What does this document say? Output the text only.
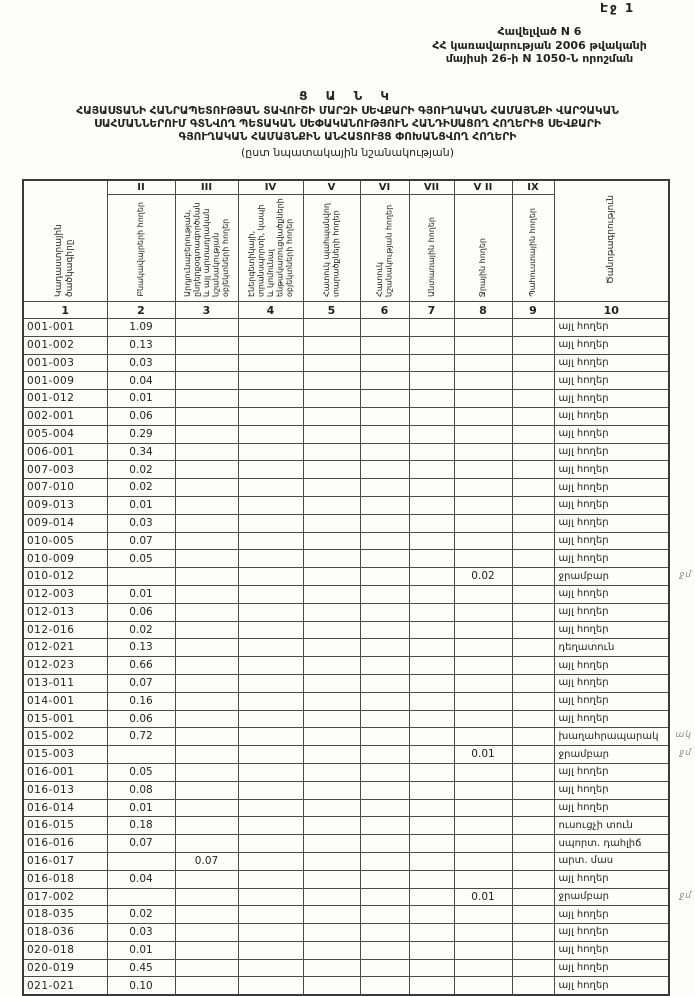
Էջ 1
Հավելված N 6
ՀՀ կառավարության 2006 թվականի
մայիսի 26-ի N 1050-Ն որոշման
Ց Ա Ն Կ
ՀԱՅԱՍՏԱՆԻ ՀԱՆՐԱՊԵՏՈՒԹՅԱՆ ՏԱՎՈՒՇԻ ՄԱՐԶԻ ՍԵՎՔԱՐԻ ԳՅՈՒՂԱԿԱՆ ՀԱՄԱՅՆՔԻ ՎԱՐՉԱԿԱՆ
ՍԱՀՄԱՆՆԵՐՈՒՄ ԳՏՆՎՈՂ ՊԵՏԱԿԱՆ ՍԵՓԱԿԱՆՈՒԹՅՈՒՆ ՀԱՆԴԻՍԱՑՈՂ ՀՈՂԵՐԻՑ ՍԵՎՔԱՐԻ
ԳՅՈՒՂԱԿԱՆ ՀԱՄԱՅՆՔԻՆ ԱՆՀԱՏՈՒՅՑ ՓՈԽԱՆՑՎՈՂ ՀՈՂԵՐԻ
(ըստ նպատակային նշանակության)
Կադաստրային ծածկագիրը	II	III	IV	V	VI	VII	V II	IX	Ծանոթագրություն
	Բնակավայրերի հողեր	Արդյունաբերության, ընդերքօգտագործման և այլ արտադրական նշանակության օբյեկտների հողեր	Էներգետիկայի, տրանսպորտի, կապի և կոմունալ ենթակառուցվածքների օբյեկտների հողեր	Հատուկ պահպանվող տարածքների հողեր	Հատուկ նշանակության հողեր	Անտառային հողեր	Ջրային հողեր	Պահուստային հողեր	
1	2	3	4	5	6	7	8	9	10
001-001	1.09								այլ հողեր
001-002	0.13								այլ հողեր
001-003	0.03								այլ հողեր
001-009	0.04								այլ հողեր
001-012	0.01								այլ հողեր
002-001	0.06								այլ հողեր
005-004	0.29								այլ հողեր
006-001	0.34								այլ հողեր
007-003	0.02								այլ հողեր
007-010	0.02								այլ հողեր
009-013	0.01								այլ հողեր
009-014	0.03								այլ հողեր
010-005	0.07								այլ հողեր
010-009	0.05								այլ հողեր
010-012							0.02		ջրամբար ջմ

012-003	0.01								այլ հողեր
012-013	0.06								այլ հողեր
012-016	0.02								այլ հողեր
012-021	0.13								դեղատուն
012-023	0.66								այլ հողեր
013-011	0.07								այլ հողեր
014-001	0.16								այլ հողեր
015-001	0.06								այլ հողեր
015-002	0.72								խաղահրապարակ ակ

015-003							0.01		ջրամբար ջմ

016-001	0.05								այլ հողեր
016-013	0.08								այլ հողեր
016-014	0.01								այլ հողեր
016-015	0.18								ուսուցչի տուն
016-016	0.07								սպորտ. դահլիճ
016-017		0.07							արտ. մաս
016-018	0.04								այլ հողեր
017-002							0.01		ջրամբար ջմ

018-035	0.02								այլ հողեր
018-036	0.03								այլ հողեր
020-018	0.01								այլ հողեր
020-019	0.45								այլ հողեր
021-021	0.10								այլ հողեր
